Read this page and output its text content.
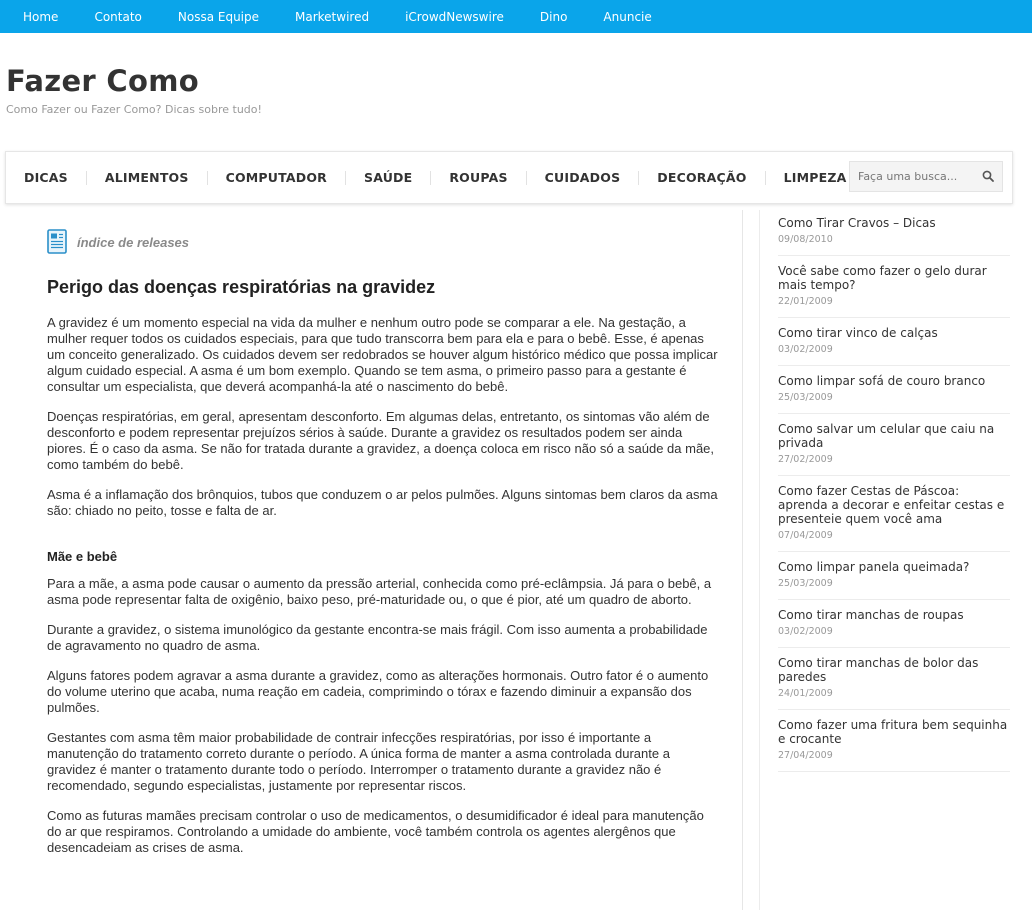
Home	Contato	Nossa Equipe	Marketwired	iCrowdNewswire	Dino	Anuncie
Fazer Como
Como Fazer ou Fazer Como? Dicas sobre tudo!
DICAS	ALIMENTOS	COMPUTADOR	SAÚDE	ROUPAS	CUIDADOS	DECORAÇÃO	LIMPEZA
Faça uma busca...
índice de releases
Perigo das doenças respiratórias na gravidez

A gravidez é um momento especial na vida da mulher e nenhum outro pode se comparar a ele. Na gestação, a mulher requer todos os cuidados especiais, para que tudo transcorra bem para ela e para o bebê. Esse, é apenas um conceito generalizado. Os cuidados devem ser redobrados se houver algum histórico médico que possa implicar algum cuidado especial. A asma é um bom exemplo. Quando se tem asma, o primeiro passo para a gestante é consultar um especialista, que deverá acompanhá-la até o nascimento do bebê.

Doenças respiratórias, em geral, apresentam desconforto. Em algumas delas, entretanto, os sintomas vão além de desconforto e podem representar prejuízos sérios à saúde. Durante a gravidez os resultados podem ser ainda piores. É o caso da asma. Se não for tratada durante a gravidez, a doença coloca em risco não só a saúde da mãe, como também do bebê.

Asma é a inflamação dos brônquios, tubos que conduzem o ar pelos pulmões. Alguns sintomas bem claros da asma são: chiado no peito, tosse e falta de ar.

Mãe e bebê

Para a mãe, a asma pode causar o aumento da pressão arterial, conhecida como pré-eclâmpsia. Já para o bebê, a asma pode representar falta de oxigênio, baixo peso, pré-maturidade ou, o que é pior, até um quadro de aborto.

Durante a gravidez, o sistema imunológico da gestante encontra-se mais frágil. Com isso aumenta a probabilidade de agravamento no quadro de asma.

Alguns fatores podem agravar a asma durante a gravidez, como as alterações hormonais. Outro fator é o aumento do volume uterino que acaba, numa reação em cadeia, comprimindo o tórax e fazendo diminuir a expansão dos pulmões.

Gestantes com asma têm maior probabilidade de contrair infecções respiratórias, por isso é importante a manutenção do tratamento correto durante o período. A única forma de manter a asma controlada durante a gravidez é manter o tratamento durante todo o período. Interromper o tratamento durante a gravidez não é recomendado, segundo especialistas, justamente por representar riscos.

Como as futuras mamães precisam controlar o uso de medicamentos, o desumidificador é ideal para manutenção do ar que respiramos. Controlando a umidade do ambiente, você também controla os agentes alergênos que desencadeiam as crises de asma.

Como Tirar Cravos – Dicas
09/08/2010
Você sabe como fazer o gelo durar mais tempo?
22/01/2009
Como tirar vinco de calças
03/02/2009
Como limpar sofá de couro branco
25/03/2009
Como salvar um celular que caiu na privada
27/02/2009
Como fazer Cestas de Páscoa: aprenda a decorar e enfeitar cestas e presenteie quem você ama
07/04/2009
Como limpar panela queimada?
25/03/2009
Como tirar manchas de roupas
03/02/2009
Como tirar manchas de bolor das paredes
24/01/2009
Como fazer uma fritura bem sequinha e crocante
27/04/2009
